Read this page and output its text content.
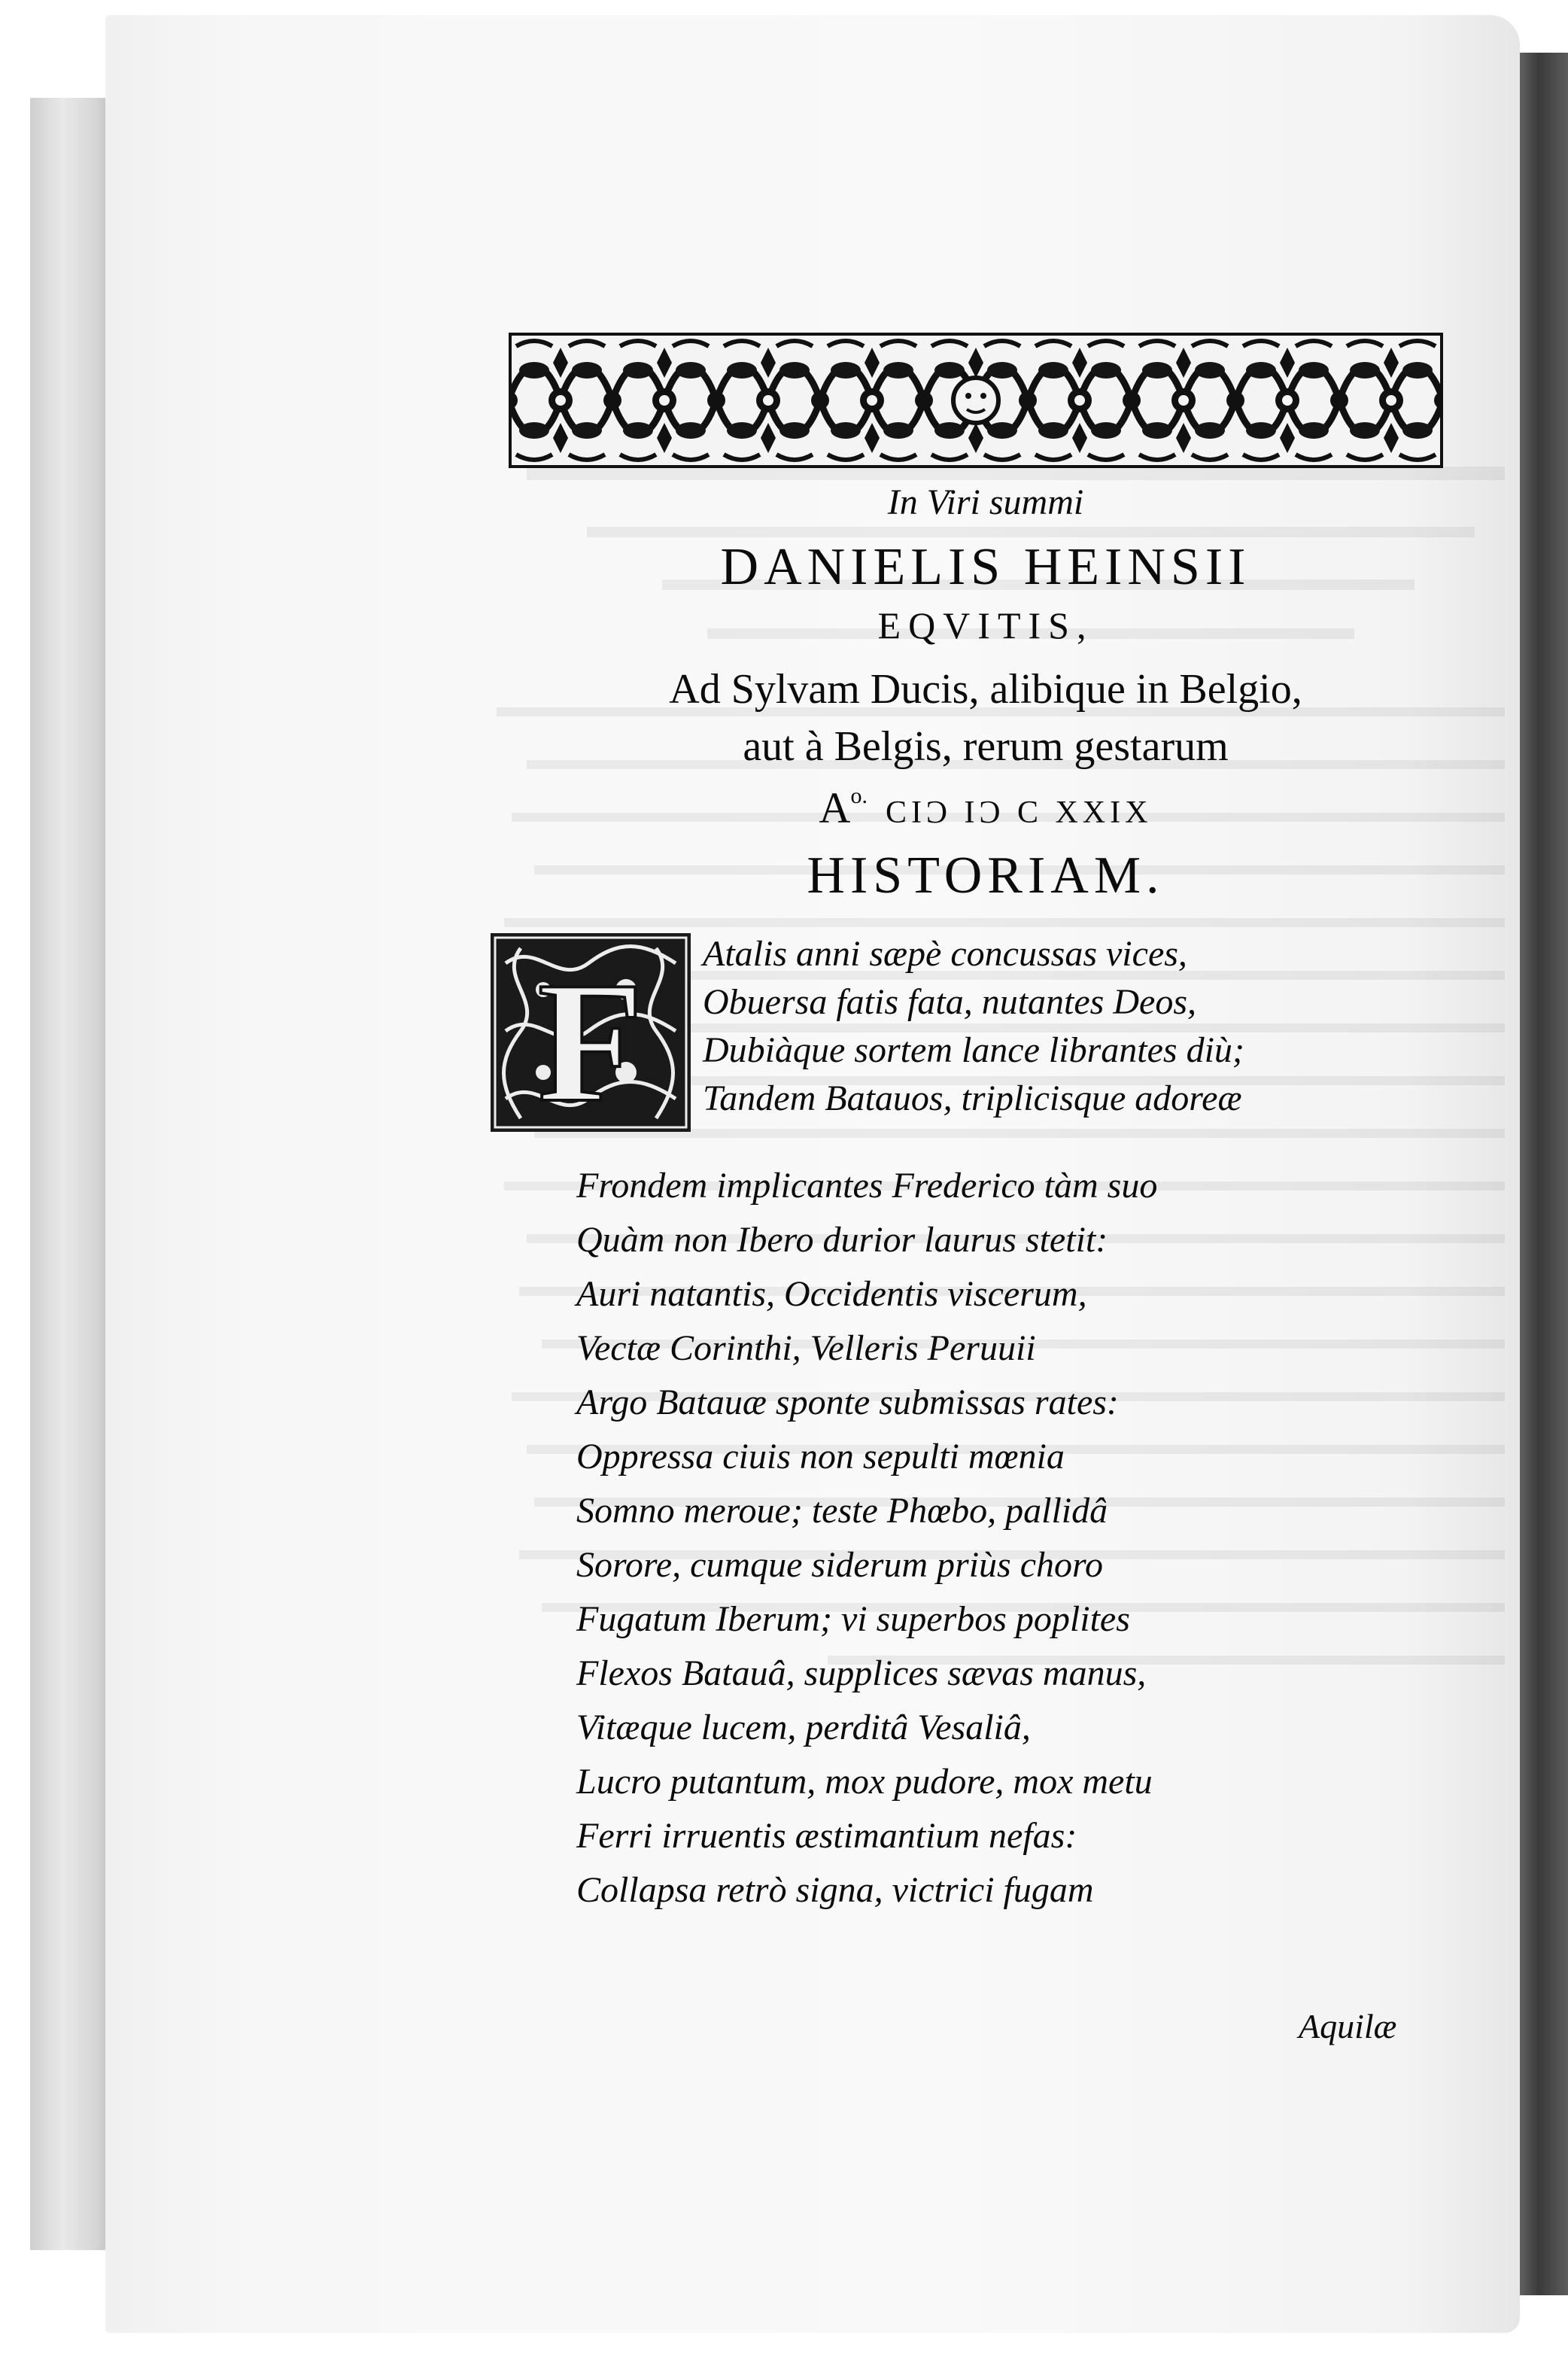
In Viri summi
DANIELIS HEINSII
EQVITIS,
Ad Sylvam Ducis, alibique in Belgio,
aut à Belgis, rerum gestarum
Ao. CIϽ IϽ C XXIX
HISTORIAM.
F Atalis anni sæpè concussas vices,
Obuersa fatis fata, nutantes Deos,
Dubiàque sortem lance librantes diù;
Tandem Batauos, triplicisque adoreæ
Frondem implicantes Frederico tàm suo
Quàm non Ibero durior laurus stetit:
Auri natantis, Occidentis viscerum,
Vectæ Corinthi, Velleris Peruuii
Argo Batauæ sponte submissas rates:
Oppressa ciuis non sepulti mœnia
Somno meroue; teste Phœbo, pallidâ
Sorore, cumque siderum priùs choro
Fugatum Iberum; vi superbos poplites
Flexos Batauâ, supplices sævas manus,
Vitæque lucem, perditâ Vesaliâ,
Lucro putantum, mox pudore, mox metu
Ferri irruentis æstimantium nefas:
Collapsa retrò signa, victrici fugam
Aquilæ
